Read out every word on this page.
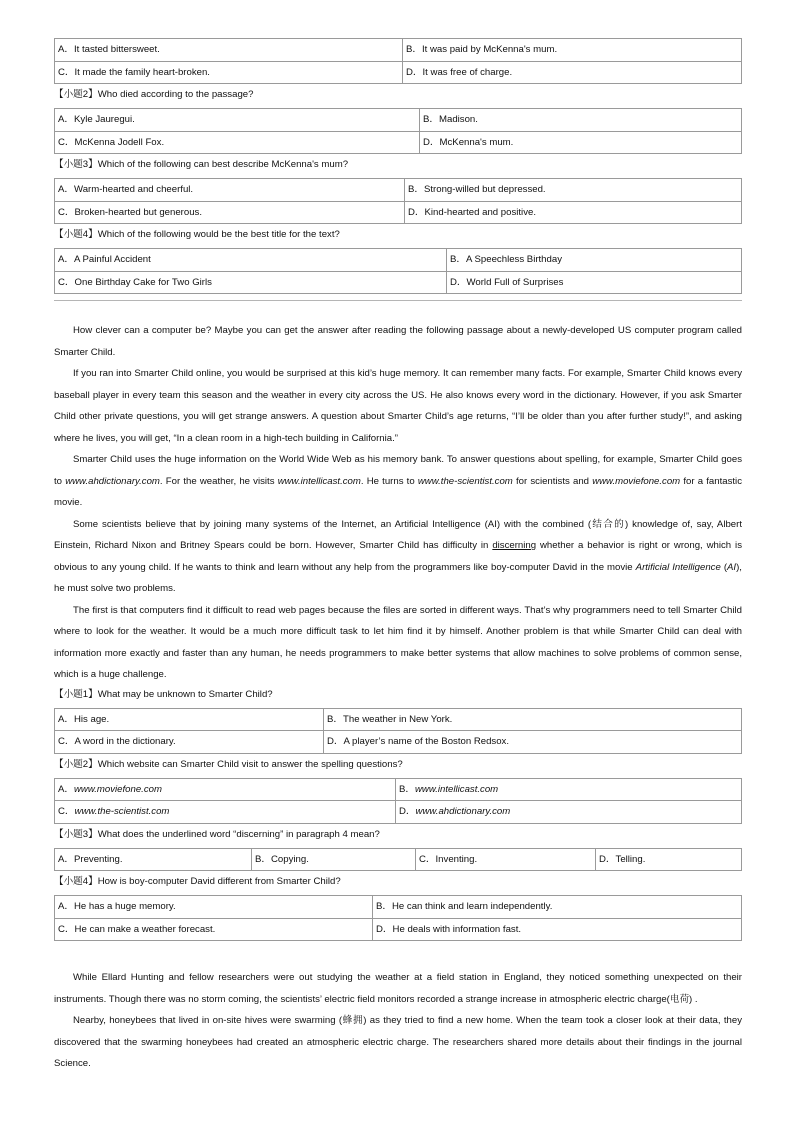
A．It tasted bittersweet.	B．It was paid by McKenna's mum.
C．It made the family heart-broken.	D．It was free of charge.
【小题2】Who died according to the passage?
A．Kyle Jauregui.	B．Madison.
C．McKenna Jodell Fox.	D．McKenna's mum.
【小题3】Which of the following can best describe McKenna's mum?
A．Warm-hearted and cheerful.	B．Strong-willed but depressed.
C．Broken-hearted but generous.	D．Kind-hearted and positive.
【小题4】Which of the following would be the best title for the text?
A．A Painful Accident	B．A Speechless Birthday
C．One Birthday Cake for Two Girls	D．World Full of Surprises

How clever can a computer be? Maybe you can get the answer after reading the following passage about a newly-developed US computer program called Smarter Child.

If you ran into Smarter Child online, you would be surprised at this kid’s huge memory. It can remember many facts. For example, Smarter Child knows every baseball player in every team this season and the weather in every city across the US. He also knows every word in the dictionary. However, if you ask Smarter Child other private questions, you will get strange answers. A question about Smarter Child’s age returns, “I’ll be older than you after further study!”, and asking where he lives, you will get, “In a clean room in a high-tech building in California.”

Smarter Child uses the huge information on the World Wide Web as his memory bank. To answer questions about spelling, for example, Smarter Child goes to www.ahdictionary.com. For the weather, he visits www.intellicast.com. He turns to www.the-scientist.com for scientists and www.moviefone.com for a fantastic movie.

Some scientists believe that by joining many systems of the Internet, an Artificial Intelligence (AI) with the combined (结合的) knowledge of, say, Albert Einstein, Richard Nixon and Britney Spears could be born. However, Smarter Child has difficulty in discerning whether a behavior is right or wrong, which is obvious to any young child. If he wants to think and learn without any help from the programmers like boy-computer David in the movie Artificial Intelligence (AI), he must solve two problems.

The first is that computers find it difficult to read web pages because the files are sorted in different ways. That’s why programmers need to tell Smarter Child where to look for the weather. It would be a much more difficult task to let him find it by himself. Another problem is that while Smarter Child can deal with information more exactly and faster than any human, he needs programmers to make better systems that allow machines to solve problems of common sense, which is a huge challenge.

【小题1】What may be unknown to Smarter Child?
A．His age.	B．The weather in New York.
C．A word in the dictionary.	D．A player’s name of the Boston Redsox.
【小题2】Which website can Smarter Child visit to answer the spelling questions?
A．www.moviefone.com	B．www.intellicast.com
C．www.the-scientist.com	D．www.ahdictionary.com
【小题3】What does the underlined word “discerning” in paragraph 4 mean?
A．Preventing.	B．Copying.	C．Inventing.	D．Telling.
【小题4】How is boy-computer David different from Smarter Child?
A．He has a huge memory.	B．He can think and learn independently.
C．He can make a weather forecast.	D．He deals with information fast.

While Ellard Hunting and fellow researchers were out studying the weather at a field station in England, they noticed something unexpected on their instruments. Though there was no storm coming, the scientists’ electric field monitors recorded a strange increase in atmospheric electric charge(电荷) .

Nearby, honeybees that lived in on-site hives were swarming (蜂拥) as they tried to find a new home. When the team took a closer look at their data, they discovered that the swarming honeybees had created an atmospheric electric charge. The researchers shared more details about their findings in the journal Science.
